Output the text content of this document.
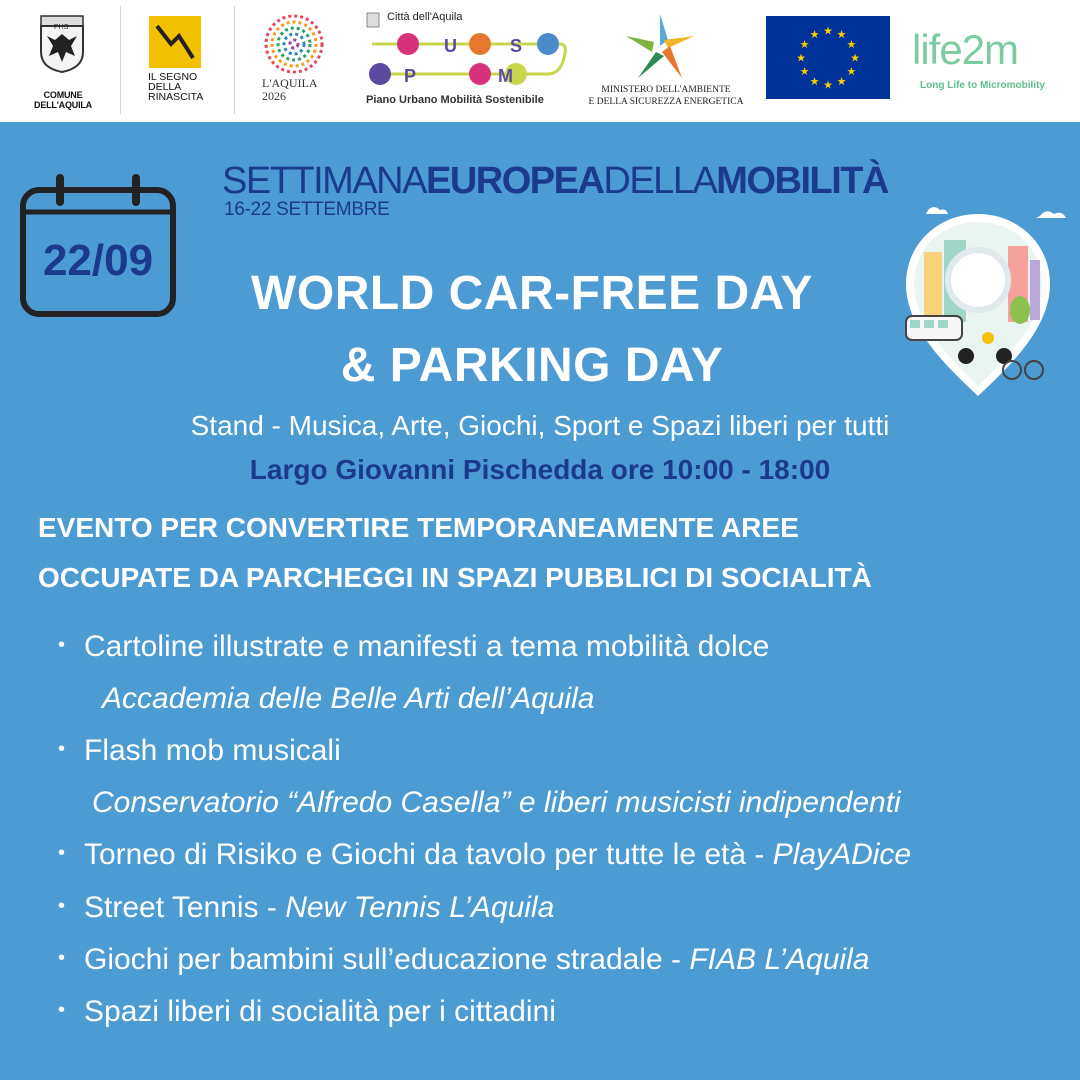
PHS
COMUNE DELL'AQUILA
IL SEGNO
DELLA
RINASCITA
L'AQUILA
2026
Città dell'Aquila
U	S
P	M
Piano Urbano Mobilità Sostenibile
MINISTERO DELL'AMBIENTE
E DELLA SICUREZZA ENERGETICA
★ ★
★
★
★
★
★
★
★
★
★
★ life2m
Long Life to Micromobility
22/09
SETTIMANAEUROPEADELLAMOBILITÀ
16-22 SETTEMBRE
WORLD CAR-FREE DAY
& PARKING DAY
Stand - Musica, Arte, Giochi, Sport e Spazi liberi per tutti
Largo Giovanni Pischedda ore 10:00 - 18:00
EVENTO PER CONVERTIRE TEMPORANEAMENTE AREE
OCCUPATE DA PARCHEGGI IN SPAZI PUBBLICI DI SOCIALITÀ
• Cartoline illustrate e manifesti a tema mobilità dolce
Accademia delle Belle Arti dell’Aquila
• Flash mob musicali
Conservatorio “Alfredo Casella” e liberi musicisti indipendenti
• Torneo di Risiko e Giochi da tavolo per tutte le età - PlayADice
• Street Tennis - New Tennis L’Aquila
• Giochi per bambini sull’educazione stradale - FIAB L’Aquila
• Spazi liberi di socialità per i cittadini
